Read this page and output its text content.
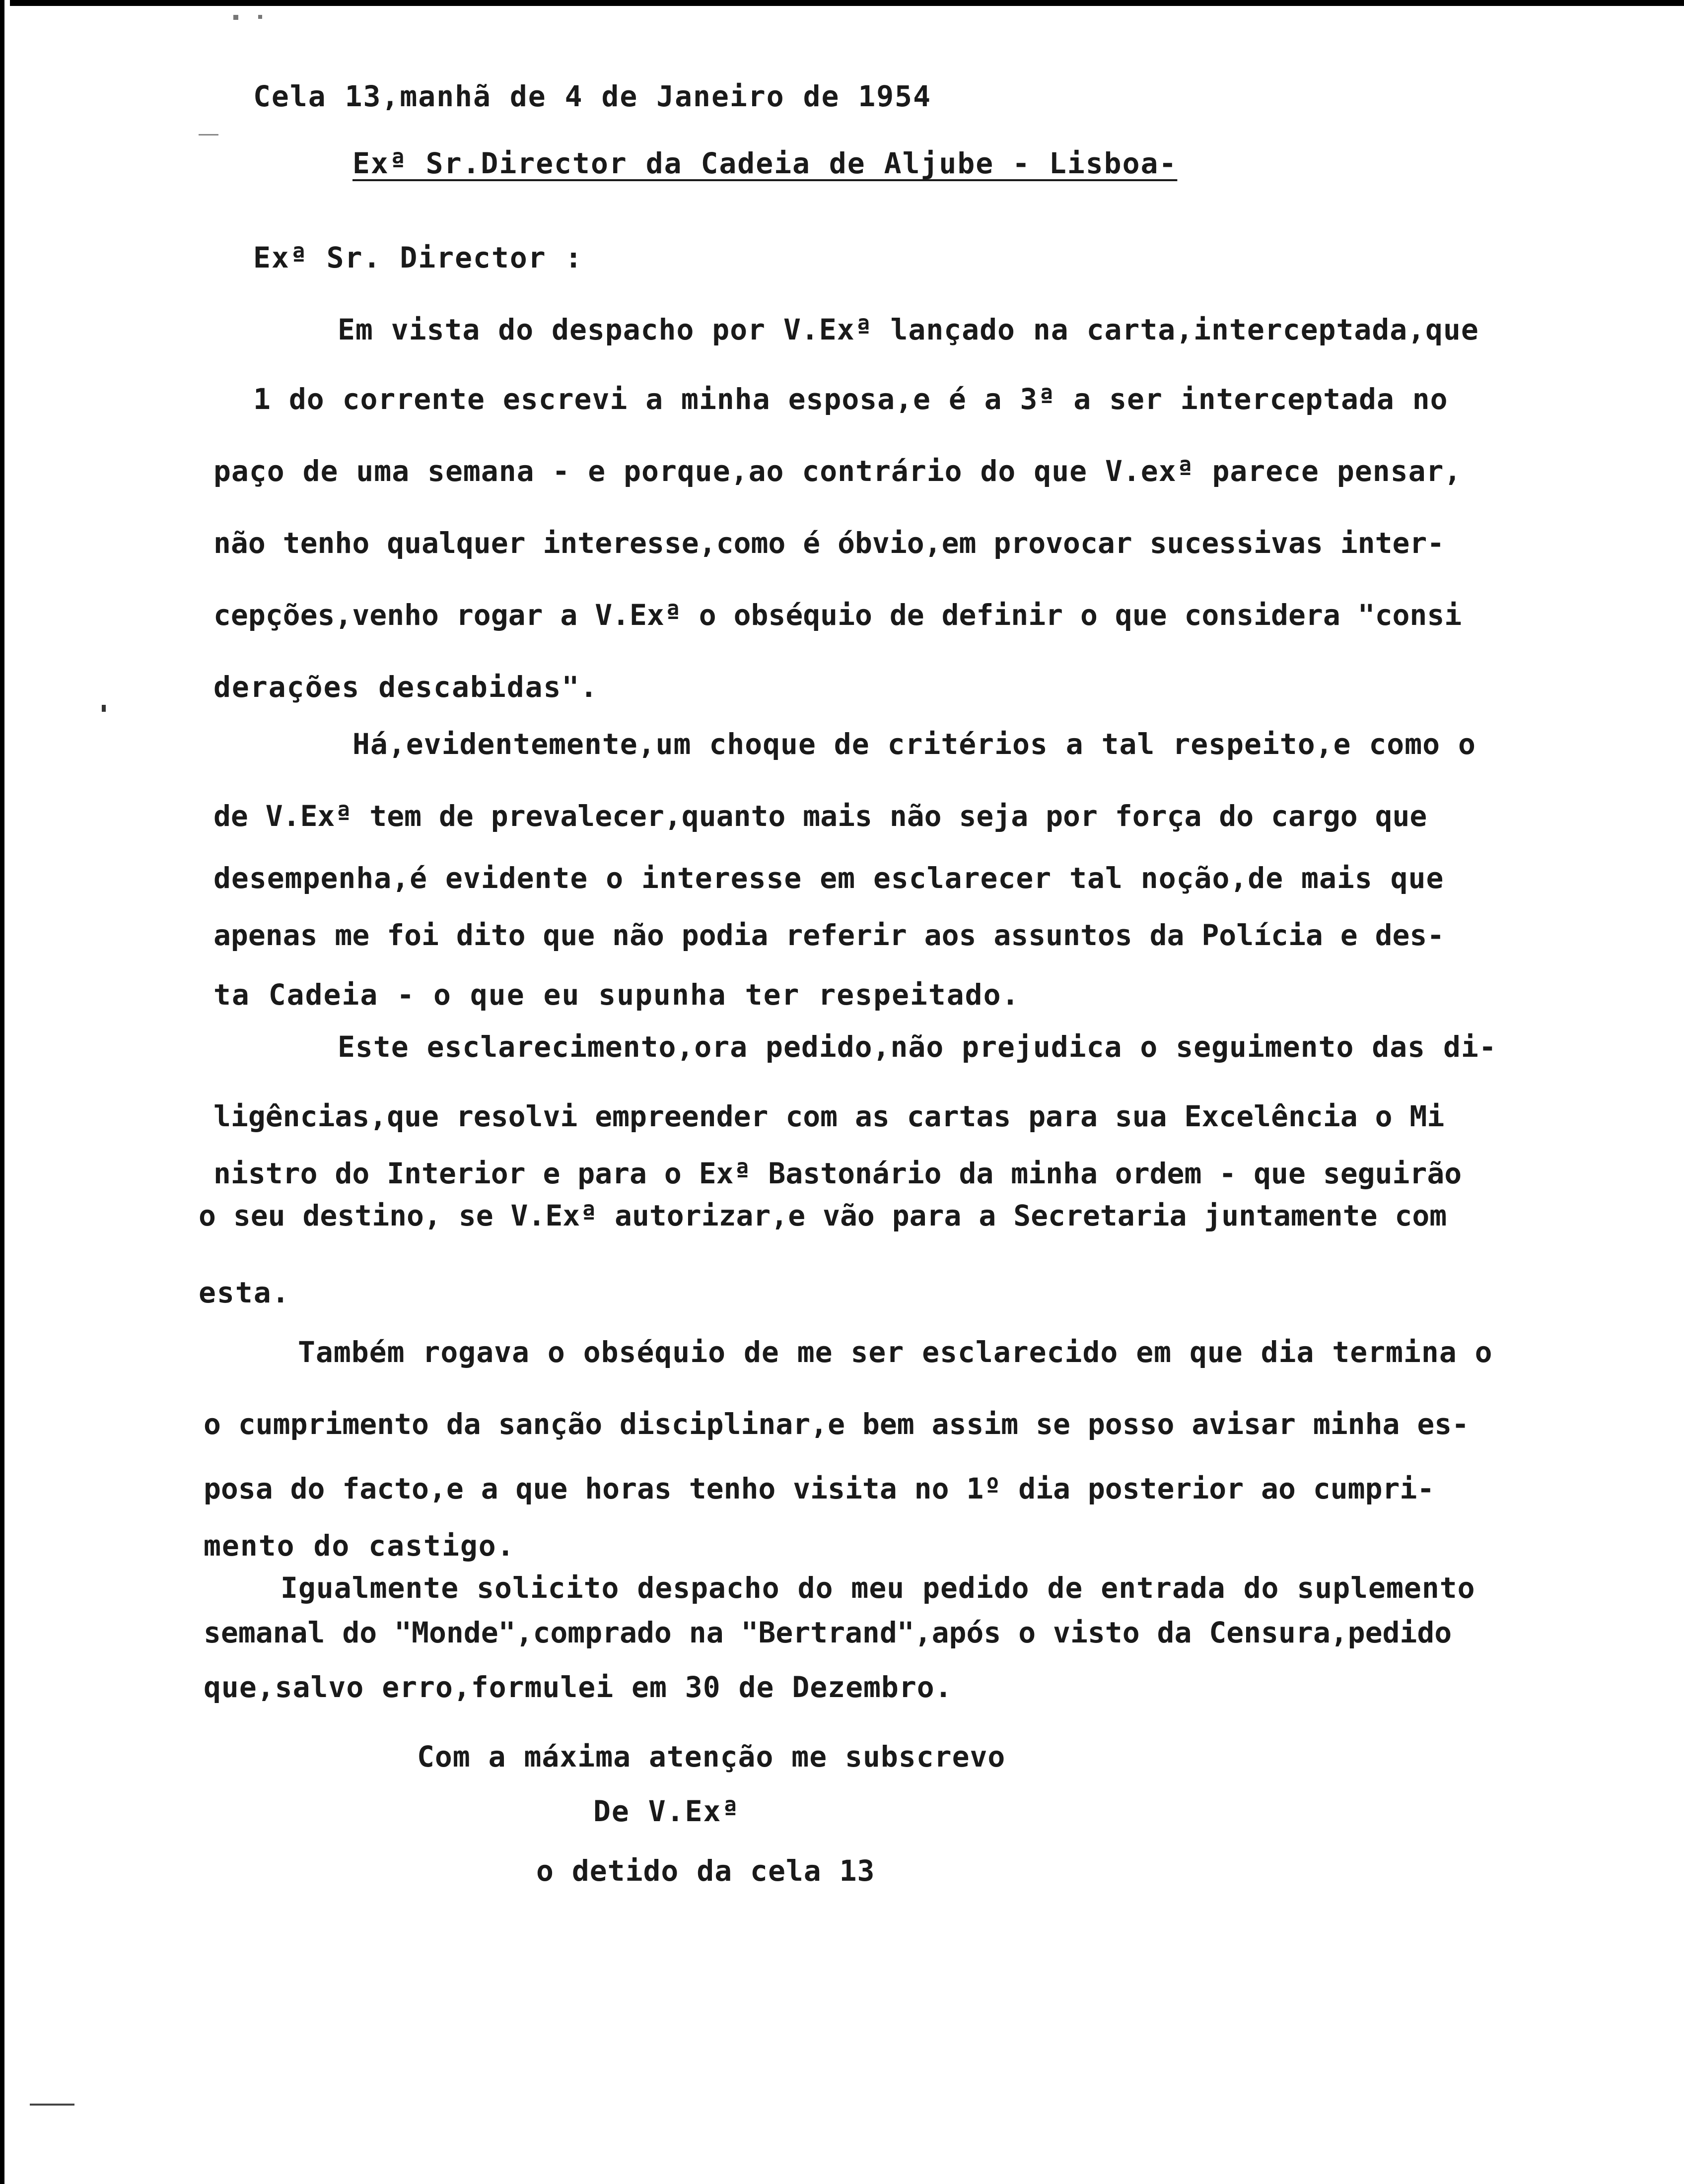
Cela 13,manhã de 4 de Janeiro de 1954
Exª Sr.Director da Cadeia de Aljube - Lisboa-
Exª Sr. Director :
Em vista do despacho por V.Exª lançado na carta,interceptada,que
1 do corrente escrevi a minha esposa,e é a 3ª a ser interceptada no
paço de uma semana - e porque,ao contrário do que V.exª parece pensar,
não tenho qualquer interesse,como é óbvio,em provocar sucessivas inter-
cepções,venho rogar a V.Exª o obséquio de definir o que considera "consi
derações descabidas".
Há,evidentemente,um choque de critérios a tal respeito,e como o
de V.Exª tem de prevalecer,quanto mais não seja por força do cargo que
desempenha,é evidente o interesse em esclarecer tal noção,de mais que
apenas me foi dito que não podia referir aos assuntos da Polícia e des-
ta Cadeia - o que eu supunha ter respeitado.
Este esclarecimento,ora pedido,não prejudica o seguimento das di-
ligências,que resolvi empreender com as cartas para sua Excelência o Mi
nistro do Interior e para o Exª Bastonário da minha ordem - que seguirão
o seu destino, se V.Exª autorizar,e vão para a Secretaria juntamente com
esta.
Também rogava o obséquio de me ser esclarecido em que dia termina o
o cumprimento da sanção disciplinar,e bem assim se posso avisar minha es-
posa do facto,e a que horas tenho visita no 1º dia posterior ao cumpri-
mento do castigo.
Igualmente solicito despacho do meu pedido de entrada do suplemento
semanal do "Monde",comprado na "Bertrand",após o visto da Censura,pedido
que,salvo erro,formulei em 30 de Dezembro.
Com a máxima atenção me subscrevo
De V.Exª
o detido da cela 13
